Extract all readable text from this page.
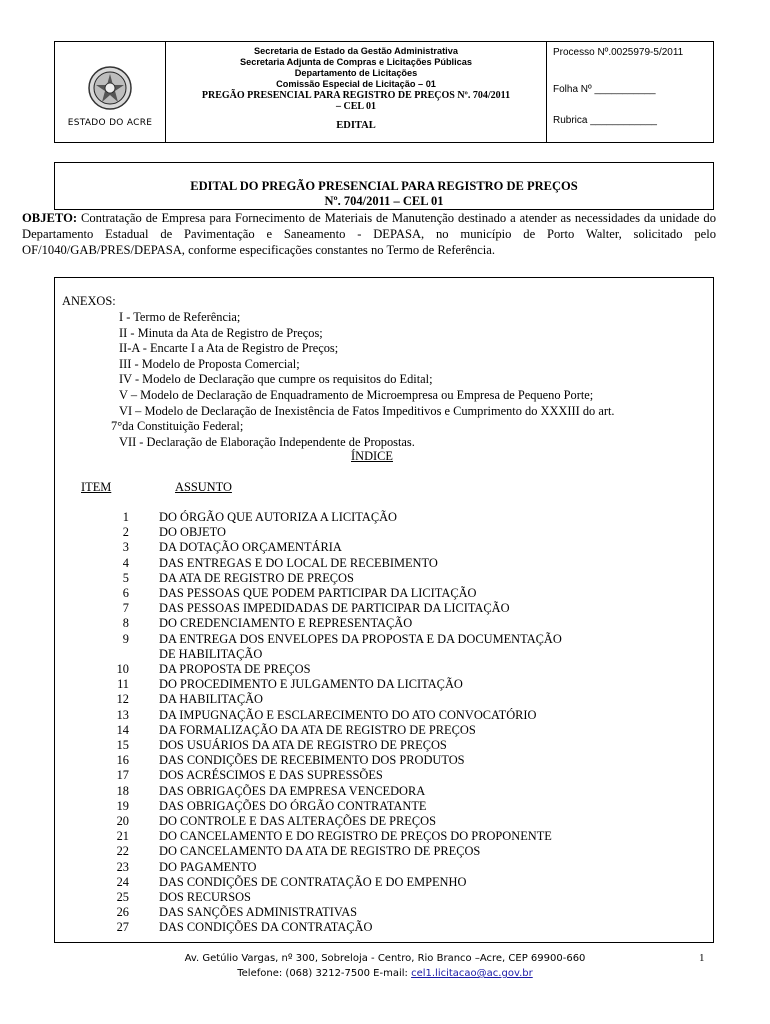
ESTADO DO ACRE
Secretaria de Estado da Gestão Administrativa
Secretaria Adjunta de Compras e Licitações Públicas
Departamento de Licitações
Comissão Especial de Licitação – 01
PREGÃO PRESENCIAL PARA REGISTRO DE PREÇOS Nº. 704/2011
– CEL 01
EDITAL
Processo Nº.0025979-5/2011
Folha Nº ___________
Rubrica ____________
EDITAL DO PREGÃO PRESENCIAL PARA REGISTRO DE PREÇOS
Nº. 704/2011 – CEL 01
OBJETO: Contratação de Empresa para Fornecimento de Materiais de Manutenção destinado a atender as necessidades da unidade do Departamento Estadual de Pavimentação e Saneamento - DEPASA, no município de Porto Walter, solicitado pelo OF/1040/GAB/PRES/DEPASA, conforme especificações constantes no Termo de Referência.
ANEXOS:
I - Termo de Referência;
II - Minuta da Ata de Registro de Preços;
II-A - Encarte I a Ata de Registro de Preços;
III - Modelo de Proposta Comercial;
IV - Modelo de Declaração que cumpre os requisitos do Edital;
V – Modelo de Declaração de Enquadramento de Microempresa ou Empresa de Pequeno Porte;
VI – Modelo de Declaração de Inexistência de Fatos Impeditivos e Cumprimento do XXXIII do art.
7°da Constituição Federal;
VII - Declaração de Elaboração Independente de Propostas.
ÍNDICE
ITEM	ASSUNTO
1	DO ÓRGÃO QUE AUTORIZA A LICITAÇÃO
2	DO OBJETO
3	DA DOTAÇÃO ORÇAMENTÁRIA
4	DAS ENTREGAS E DO LOCAL DE RECEBIMENTO
5	DA ATA DE REGISTRO DE PREÇOS
6	DAS PESSOAS QUE PODEM PARTICIPAR DA LICITAÇÃO
7	DAS PESSOAS IMPEDIDADAS DE PARTICIPAR DA LICITAÇÃO
8	DO CREDENCIAMENTO E REPRESENTAÇÃO
9	DA ENTREGA DOS ENVELOPES DA PROPOSTA E DA DOCUMENTAÇÃO
DE HABILITAÇÃO
10	DA PROPOSTA DE PREÇOS
11	DO PROCEDIMENTO E JULGAMENTO DA LICITAÇÃO
12	DA HABILITAÇÃO
13	DA IMPUGNAÇÃO E ESCLARECIMENTO DO ATO CONVOCATÓRIO
14	DA FORMALIZAÇÃO DA ATA DE REGISTRO DE PREÇOS
15	DOS USUÁRIOS DA ATA DE REGISTRO DE PREÇOS
16	DAS CONDIÇÕES DE RECEBIMENTO DOS PRODUTOS
17	DOS ACRÉSCIMOS E DAS SUPRESSÕES
18	DAS OBRIGAÇÕES DA EMPRESA VENCEDORA
19	DAS OBRIGAÇÕES DO ÓRGÃO CONTRATANTE
20	DO CONTROLE E DAS ALTERAÇÕES DE PREÇOS
21	DO CANCELAMENTO E DO REGISTRO DE PREÇOS DO PROPONENTE
22	DO CANCELAMENTO DA ATA DE REGISTRO DE PREÇOS
23	DO PAGAMENTO
24	DAS CONDIÇÕES DE CONTRATAÇÃO E DO EMPENHO
25	DOS RECURSOS
26	DAS SANÇÕES ADMINISTRATIVAS
27	DAS CONDIÇÕES DA CONTRATAÇÃO
Av. Getúlio Vargas, nº 300, Sobreloja - Centro, Rio Branco –Acre, CEP 69900-660
Telefone: (068) 3212-7500 E-mail: cel1.licitacao@ac.gov.br
1
